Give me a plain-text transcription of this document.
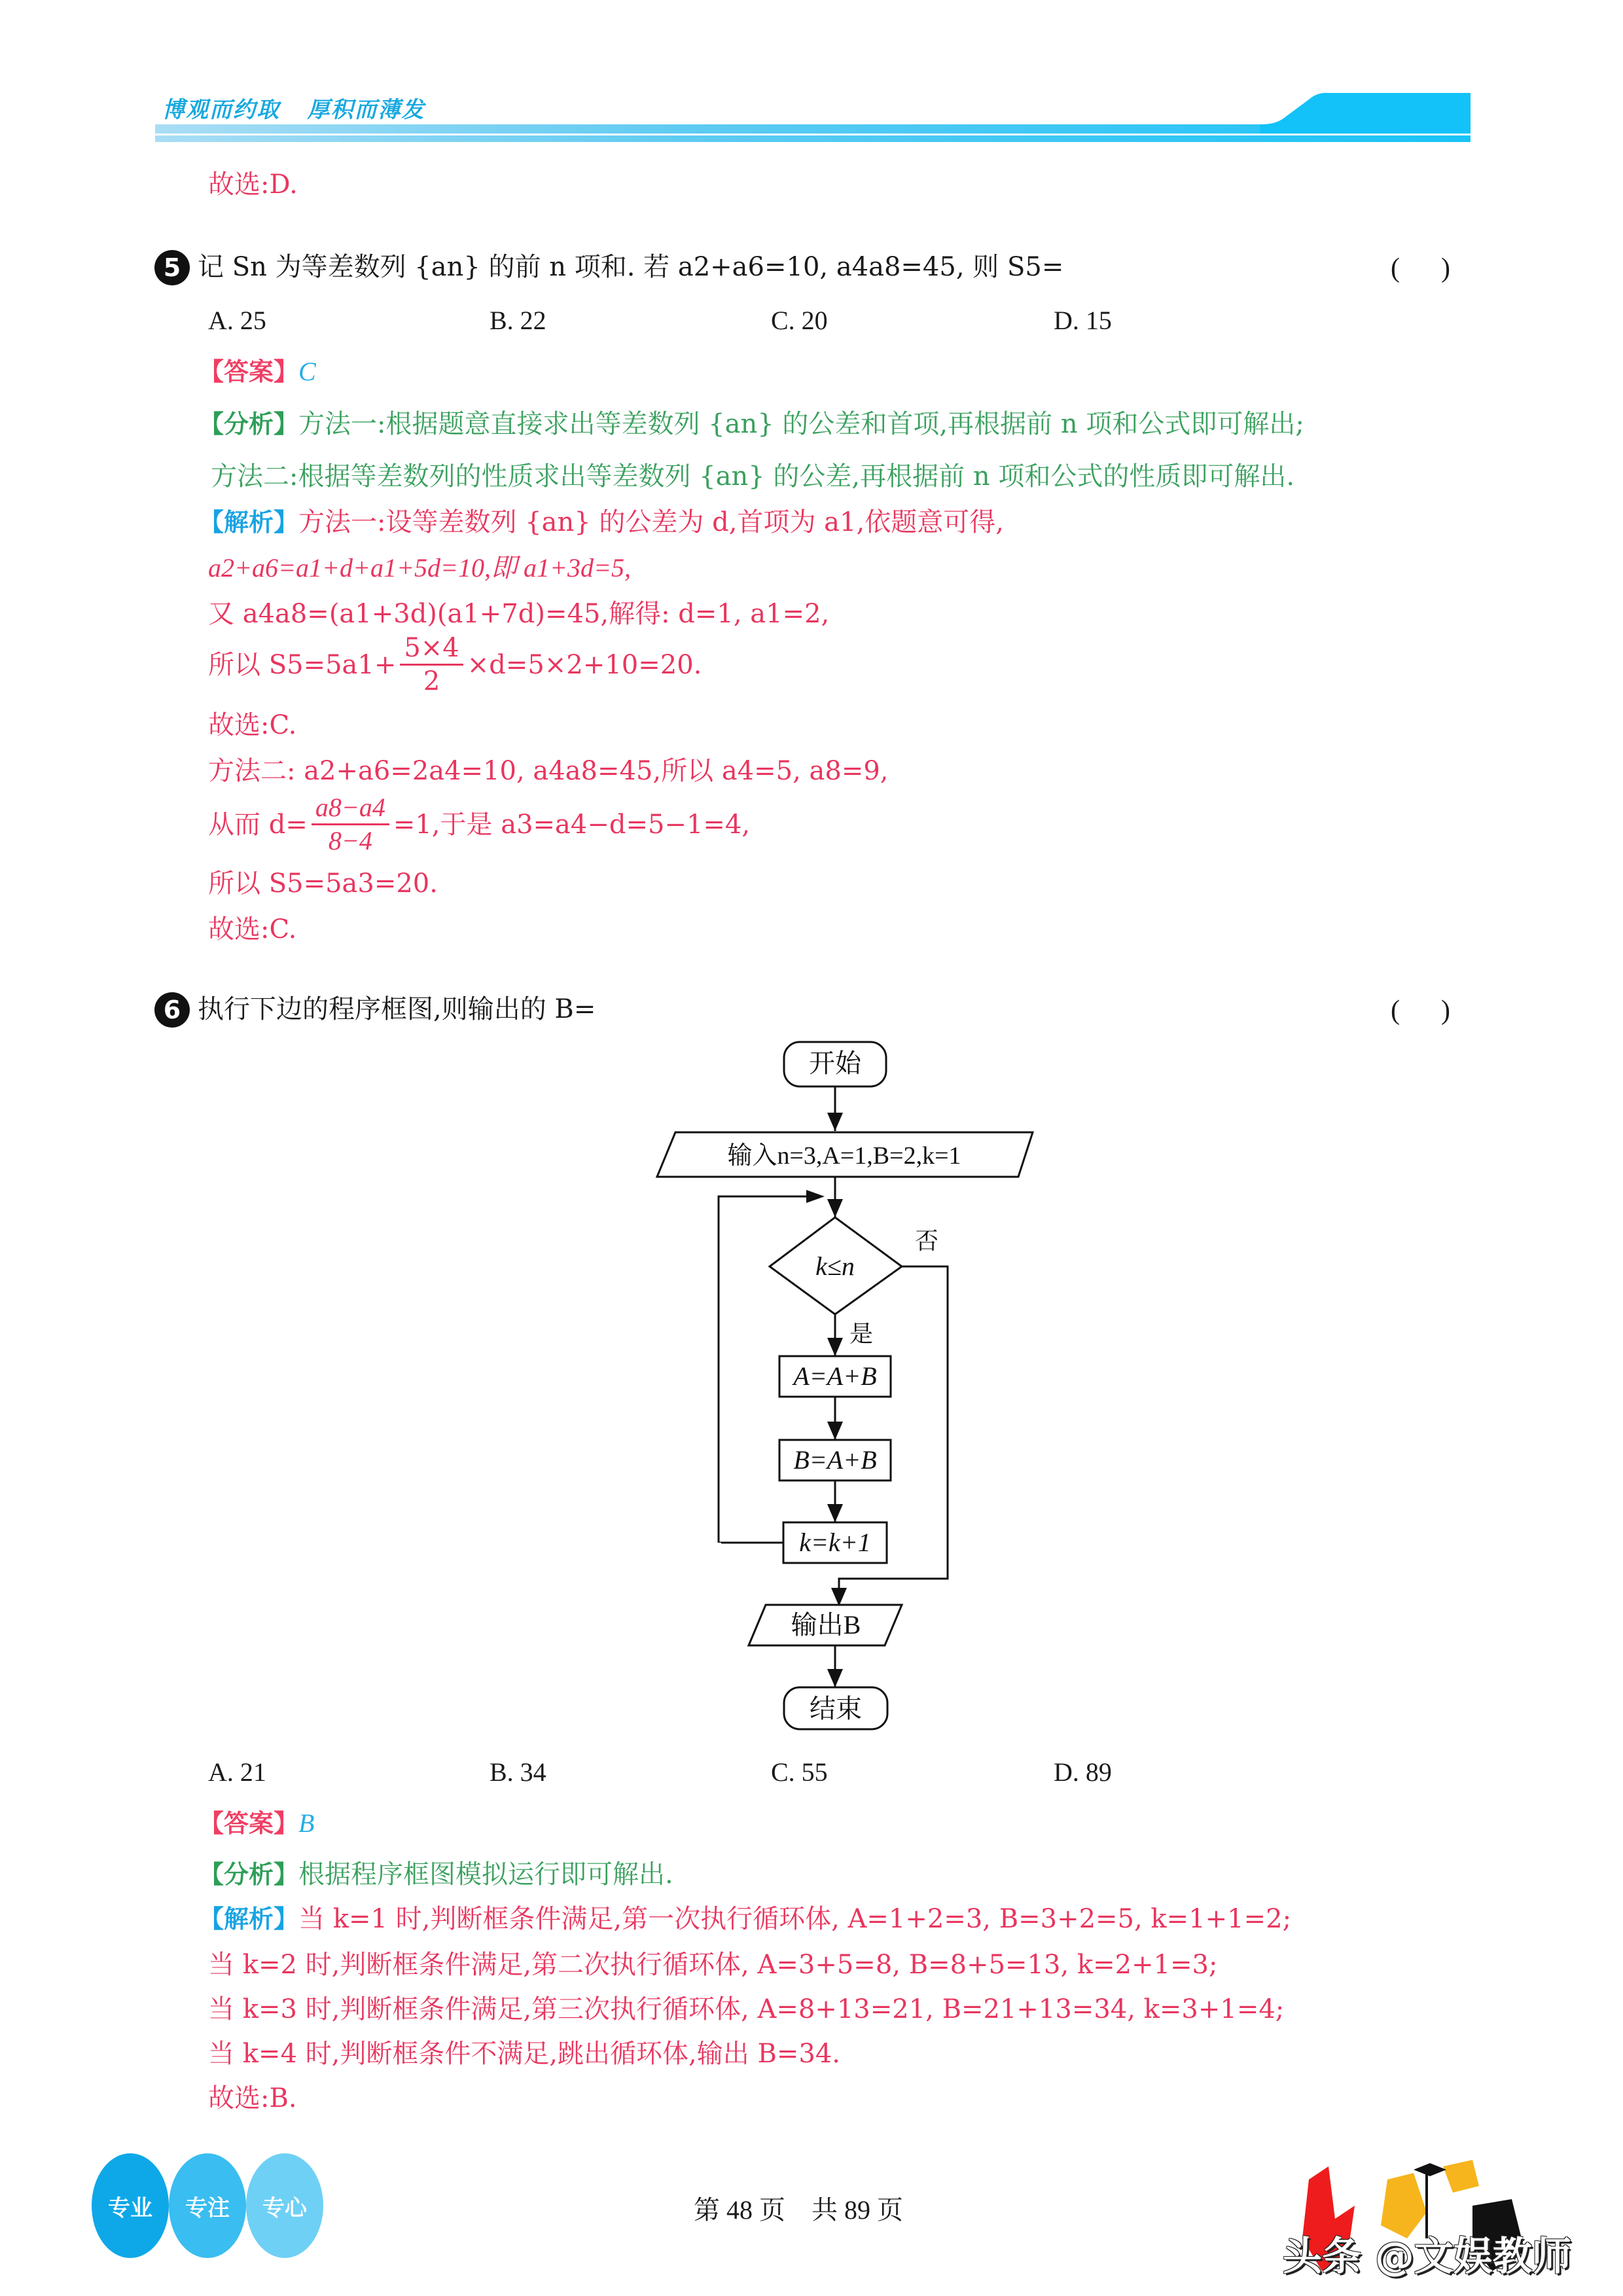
博观而约取   厚积而薄发
故选:D.
5 记 Sn 为等差数列 {an} 的前 n 项和. 若 a2+a6=10, a4a8=45, 则 S5=	(      )
A. 25	B. 22	C. 20	D. 15
【答案】C
【分析】方法一:根据题意直接求出等差数列 {an} 的公差和首项,再根据前 n 项和公式即可解出;
方法二:根据等差数列的性质求出等差数列 {an} 的公差,再根据前 n 项和公式的性质即可解出.
【解析】方法一:设等差数列 {an} 的公差为 d,首项为 a1,依题意可得,
a2+a6=a1+d+a1+5d=10,即 a1+3d=5,
又 a4a8=(a1+3d)(a1+7d)=45,解得: d=1, a1=2,
所以 $S5=5a1+ \frac{5\times 4}{2} \times d=5\times 2+10=20$.
故选:C.
方法二: a2+a6=2a4=10, a4a8=45,所以 a4=5, a8=9,
从而 $d= \frac{a8-a4}{8-4} =1$,于是 a3=a4−d=5−1=4,
所以 S5=5a3=20.
故选:C.
6 执行下边的程序框图,则输出的 B=	(      )
开始
输入n=3,A=1,B=2,k=1
k≤n
否
是
A=A+B
B=A+B
k=k+1
输出B
结束
A. 21	B. 34	C. 55	D. 89
【答案】B
【分析】根据程序框图模拟运行即可解出.
【解析】当 k=1 时,判断框条件满足,第一次执行循环体, A=1+2=3, B=3+2=5, k=1+1=2;
当 k=2 时,判断框条件满足,第二次执行循环体, A=3+5=8, B=8+5=13, k=2+1=3;
当 k=3 时,判断框条件满足,第三次执行循环体, A=8+13=21, B=21+13=34, k=3+1=4;
当 k=4 时,判断框条件不满足,跳出循环体,输出 B=34.
故选:B.
专业	专注	专心	第 48 页    共 89 页
头条 @文娱教师
